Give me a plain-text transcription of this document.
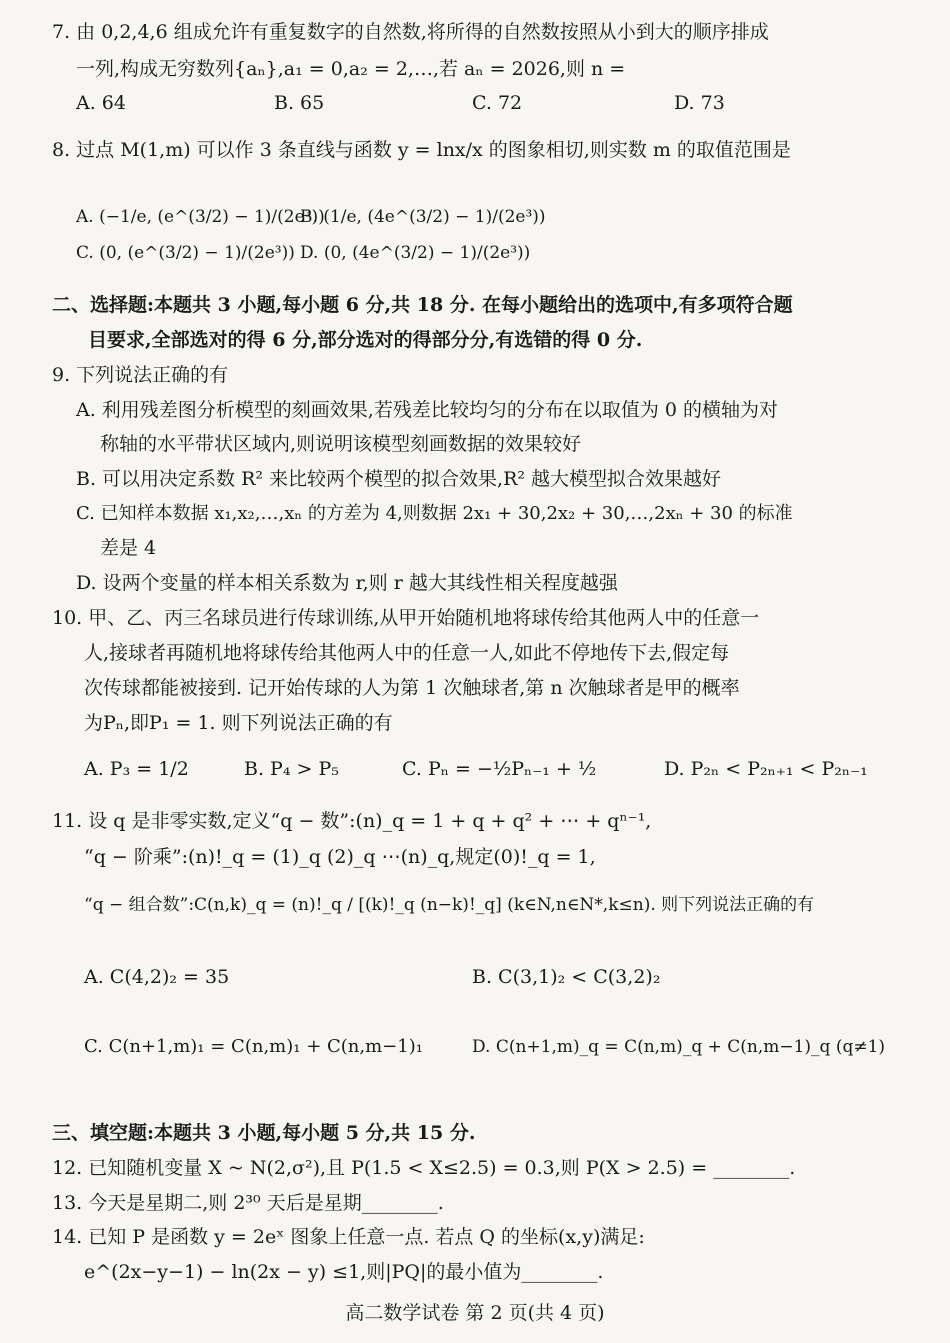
7. 由 0,2,4,6 组成允许有重复数字的自然数,将所得的自然数按照从小到大的顺序排成
一列,构成无穷数列{aₙ},a₁ = 0,a₂ = 2,…,若 aₙ = 2026,则 n =
A. 64	B. 65	C. 72	D. 73
8. 过点 M(1,m) 可以作 3 条直线与函数 y = lnx/x 的图象相切,则实数 m 的取值范围是
A. (−1/e, (e^(3/2) − 1)/(2e³))
B. (1/e, (4e^(3/2) − 1)/(2e³))
C. (0, (e^(3/2) − 1)/(2e³)) D. (0, (4e^(3/2) − 1)/(2e³))
二、选择题:本题共 3 小题,每小题 6 分,共 18 分. 在每小题给出的选项中,有多项符合题
目要求,全部选对的得 6 分,部分选对的得部分分,有选错的得 0 分.
9. 下列说法正确的有
A. 利用残差图分析模型的刻画效果,若残差比较均匀的分布在以取值为 0 的横轴为对
称轴的水平带状区域内,则说明该模型刻画数据的效果较好
B. 可以用决定系数 R² 来比较两个模型的拟合效果,R² 越大模型拟合效果越好
C. 已知样本数据 x₁,x₂,…,xₙ 的方差为 4,则数据 2x₁ + 30,2x₂ + 30,…,2xₙ + 30 的标准
差是 4
D. 设两个变量的样本相关系数为 r,则 r 越大其线性相关程度越强
10. 甲、乙、丙三名球员进行传球训练,从甲开始随机地将球传给其他两人中的任意一
人,接球者再随机地将球传给其他两人中的任意一人,如此不停地传下去,假定每
次传球都能被接到. 记开始传球的人为第 1 次触球者,第 n 次触球者是甲的概率
为Pₙ,即P₁ = 1. 则下列说法正确的有
A. P₃ = 1/2	B. P₄ > P₅	C. Pₙ = −½Pₙ₋₁ + ½	D. P₂ₙ < P₂ₙ₊₁ < P₂ₙ₋₁
11. 设 q 是非零实数,定义“q − 数”:(n)_q = 1 + q + q² + ⋯ + qⁿ⁻¹,
“q − 阶乘”:(n)!_q = (1)_q (2)_q ⋯(n)_q,规定(0)!_q = 1,
“q − 组合数”:C(n,k)_q = (n)!_q / [(k)!_q (n−k)!_q] (k∈N,n∈N*,k≤n). 则下列说法正确的有
A. C(4,2)₂ = 35	B. C(3,1)₂ < C(3,2)₂
C. C(n+1,m)₁ = C(n,m)₁ + C(n,m−1)₁	D. C(n+1,m)_q = C(n,m)_q + C(n,m−1)_q (q≠1)
三、填空题:本题共 3 小题,每小题 5 分,共 15 分.
12. 已知随机变量 X ~ N(2,σ²),且 P(1.5 < X≤2.5) = 0.3,则 P(X > 2.5) = ________.
13. 今天是星期二,则 2³⁰ 天后是星期________.
14. 已知 P 是函数 y = 2eˣ 图象上任意一点. 若点 Q 的坐标(x,y)满足:
e^(2x−y−1) − ln(2x − y) ≤1,则|PQ|的最小值为________.
高二数学试卷 第 2 页(共 4 页)
